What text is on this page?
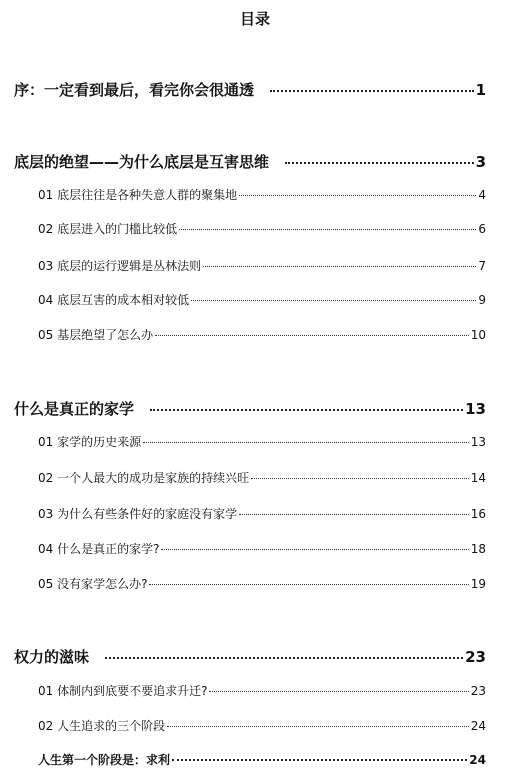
目录
序：一定看到最后，看完你会很通透	1
底层的绝望——为什么底层是互害思维	3
01 底层往往是各种失意人群的聚集地	4
02 底层进入的门槛比较低	6
03 底层的运行逻辑是丛林法则	7
04 底层互害的成本相对较低	9
05 基层绝望了怎么办	10
什么是真正的家学	13
01 家学的历史来源	13
02 一个人最大的成功是家族的持续兴旺	14
03 为什么有些条件好的家庭没有家学	16
04 什么是真正的家学?	18
05 没有家学怎么办?	19
权力的滋味	23
01 体制内到底要不要追求升迁?	23
02 人生追求的三个阶段	24
人生第一个阶段是：求利	24
